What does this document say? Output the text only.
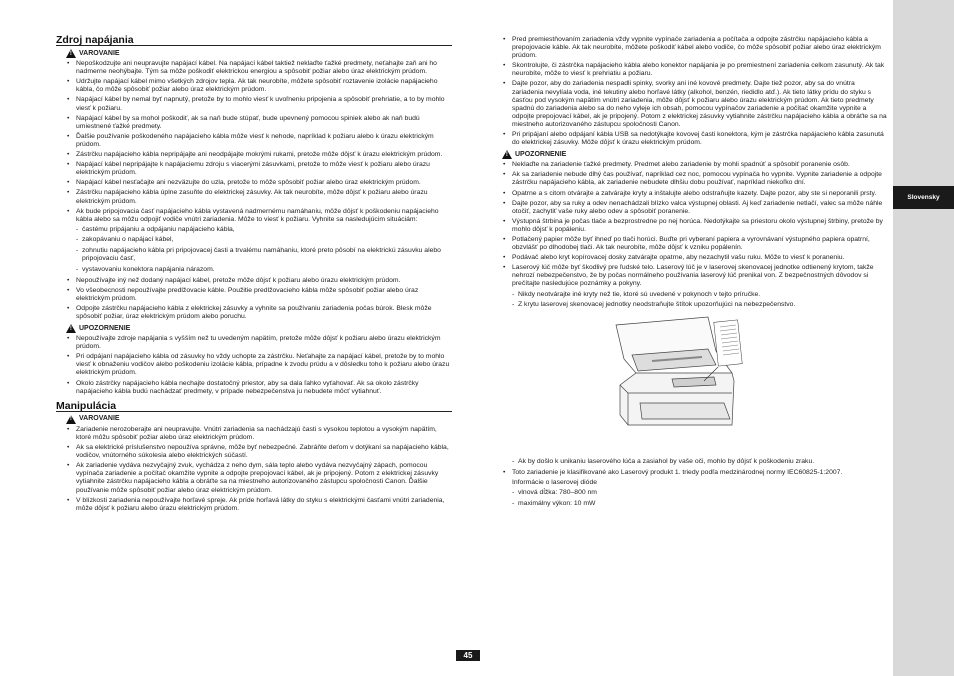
Slovensky
Zdroj napájania
!
VAROVANIE
• Nepoškodzujte ani neupravujte napájací kábel. Na napájací kábel taktiež neklaďte ťažké predmety, neťahajte zaň ani ho nadmerne neohýbajte. Tým sa môže poškodiť elektrickou energiou a spôsobiť požiar alebo úraz elektrickým prúdom.
• Udržujte napájací kábel mimo všetkých zdrojov tepla. Ak tak neurobíte, môžete spôsobiť roztavenie izolácie napájacieho kábla, čo môže spôsobiť požiar alebo úraz elektrickým prúdom.
• Napájací kábel by nemal byť napnutý, pretože by to mohlo viesť k uvoľneniu pripojenia a spôsobiť prehriatie, a to by mohlo viesť k požiaru.
• Napájací kábel by sa mohol poškodiť, ak sa naň bude stúpať, bude upevnený pomocou spiniek alebo ak naň budú umiestnené ťažké predmety.
• Ďalšie používanie poškodeného napájacieho kábla môže viesť k nehode, napríklad k požiaru alebo k úrazu elektrickým prúdom.
• Zástrčku napájacieho kábla nepripájajte ani neodpájajte mokrými rukami, pretože môže dôjsť k úrazu elektrickým prúdom.
• Napájací kábel nepripájajte k napájaciemu zdroju s viacerými zásuvkami, pretože to môže viesť k požiaru alebo úrazu elektrickým prúdom.
• Napájací kábel nesťačajte ani nezväzujte do uzla, pretože to môže spôsobiť požiar alebo úraz elektrickým prúdom.
• Zástrčku napájacieho kábla úplne zasuňte do elektrickej zásuvky. Ak tak neurobíte, môže dôjsť k požiaru alebo úrazu elektrickým prúdom.
• Ak bude pripojovacia časť napájacieho kábla vystavená nadmernému namáhaniu, môže dôjsť k poškodeniu napájacieho kábla alebo sa môžu odpojiť vodiče vnútri zariadenia. Môže to viesť k požiaru. Vyhnite sa nasledujúcim situáciám:
- častému pripájaniu a odpájaniu napájacieho kábla,
- zakopávaniu o napájací kábel,
- zohnutiu napájacieho kábla pri pripojovacej časti a trvalému namáhaniu, ktoré preto pôsobí na elektrickú zásuvku alebo pripojovaciu časť,
- vystavovaniu konektora napájania nárazom.
• Nepoužívajte iný než dodaný napájací kábel, pretože môže dôjsť k požiaru alebo úrazu elektrickým prúdom.
• Vo všeobecnosti nepoužívajte predlžovacie káble. Použitie predlžovacieho kábla môže spôsobiť požiar alebo úraz elektrickým prúdom.
• Odpojte zástrčku napájacieho kábla z elektrickej zásuvky a vyhnite sa používaniu zariadenia počas búrok. Blesk môže spôsobiť požiar, úraz elektrickým prúdom alebo poruchu.
!
UPOZORNENIE
• Nepoužívajte zdroje napájania s vyšším než tu uvedeným napätím, pretože môže dôjsť k požiaru alebo úrazu elektrickým prúdom.
• Pri odpájaní napájacieho kábla od zásuvky ho vždy uchopte za zástrčku. Neťahajte za napájací kábel, pretože by to mohlo viesť k obnaženiu vodičov alebo poškodeniu izolácie kábla, prípadne k zvodu prúdu a v dôsledku toho k požiaru alebo úrazu elektrickým prúdom.
• Okolo zástrčky napájacieho kábla nechajte dostatočný priestor, aby sa dala ľahko vyťahovať. Ak sa okolo zástrčky napájacieho kábla budú nachádzať predmety, v prípade nebezpečenstva ju nebudete môcť vytiahnuť.
Manipulácia
!
VAROVANIE
• Zariadenie nerozoberajte ani neupravujte. Vnútri zariadenia sa nachádzajú časti s vysokou teplotou a vysokým napätím, ktoré môžu spôsobiť požiar alebo úraz elektrickým prúdom.
• Ak sa elektrické príslušenstvo nepoužíva správne, môže byť nebezpečné. Zabráňte deťom v dotýkaní sa napájacieho kábla, vodičov, vnútorného súkolesia alebo elektrických súčastí.
• Ak zariadenie vydáva nezvyčajný zvuk, vychádza z neho dym, sála teplo alebo vydáva nezvyčajný zápach, pomocou vypínača zariadenie a počítač okamžite vypnite a odpojte prepojovací kábel, ak je pripojený. Potom z elektrickej zásuvky vytiahnite zástrčku napájacieho kábla a obráťte sa na miestneho autorizovaného zástupcu spoločnosti Canon. Ďalšie používanie môže spôsobiť požiar alebo úraz elektrickým prúdom.
• V blízkosti zariadenia nepoužívajte horľavé spreje. Ak príde horľavá látky do styku s elektrickými časťami vnútri zariadenia, môže dôjsť k požiaru alebo úrazu elektrickým prúdom.
• Pred premiestňovaním zariadenia vždy vypnite vypínače zariadenia a počítača a odpojte zástrčku napájacieho kábla a prepojovacie káble. Ak tak neurobíte, môžete poškodiť kábel alebo vodiče, čo môže spôsobiť požiar alebo úraz elektrickým prúdom.
• Skontrolujte, či zástrčka napájacieho kábla alebo konektor napájania je po premiestnení zariadenia celkom zasunutý. Ak tak neurobíte, môže to viesť k prehriatiu a požiaru.
• Dajte pozor, aby do zariadenia nespadli spinky, svorky ani iné kovové predmety. Dajte tiež pozor, aby sa do vnútra zariadenia nevylíala voda, iné tekutiny alebo horľavé látky (alkohol, benzén, riedidlo atď.). Ak tieto látky prídu do styku s časťou pod vysokým napätím vnútri zariadenia, môže dôjsť k požiaru alebo úrazu elektrickým prúdom. Ak tieto predmety spadnú do zariadenia alebo sa do neho vyleje ich obsah, pomocou vypínačov zariadenie a počítač okamžite vypnite a odpojte prepojovací kábel, ak je pripojený. Potom z elektrickej zásuvky vytiahnite zástrčku napájacieho kábla a obráťte sa na miestneho autorizovaného zástupcu spoločnosti Canon.
• Pri pripájaní alebo odpájaní kábla USB sa nedotýkajte kovovej časti konektora, kým je zástrčka napájacieho kábla zasunutá do elektrickej zásuvky. Môže dôjsť k úrazu elektrickým prúdom.
!
UPOZORNENIE
• Neklaďte na zariadenie ťažké predmety. Predmet alebo zariadenie by mohli spadnúť a spôsobiť poranenie osôb.
• Ak sa zariadenie nebude dlhý čas používať, napríklad cez noc, pomocou vypínača ho vypnite. Vypnite zariadenie a odpojte zástrčku napájacieho kábla, ak zariadenie nebudete dlhšiu dobu používať, napríklad niekoľko dní.
• Opatrne a s citom otvárajte a zatvárajte kryty a inštalujte alebo odstraňujte kazety. Dajte pozor, aby ste si neporanili prsty.
• Dajte pozor, aby sa ruky a odev nenachádzali blízko valca výstupnej oblasti. Aj keď zariadenie netlačí, valec sa môže náhle otočiť, zachytiť vaše ruky alebo odev a spôsobiť poranenie.
• Výstupná štrbina je počas tlače a bezprostredne po nej horúca. Nedotýkajte sa priestoru okolo výstupnej štrbiny, pretože by mohlo dôjsť k popáleniu.
• Potlačený papier môže byť ihneď po tlači horúci. Buďte pri vyberaní papiera a vyrovnávaní výstupného papiera opatrní, obzvlášť po dlhodobej tlači. Ak tak neurobíte, môže dôjsť k vzniku popálenín.
• Podávač alebo kryt kopírovacej dosky zatvárajte opatrne, aby nezachytil vašu ruku. Môže to viesť k poraneniu.
• Laserový lúč môže byť škodlivý pre ľudské telo. Laserový lúč je v laserovej skenovacej jednotke odtienený krytom, takže nehrozí nebezpečenstvo, že by počas normálneho používania laserový lúč prenikal von. Z bezpečnostných dôvodov si prečítajte nasledujúce poznámky a pokyny.
- Nikdy neotvárajte iné kryty než tie, ktoré sú uvedené v pokynoch v tejto príručke.
- Z krytu laserovej skenovacej jednotky neodstraňujte štítok upozorňujúci na nebezpečenstvo.
- Ak by došlo k unikaniu laserového lúča a zasiahol by vaše oči, mohlo by dôjsť k poškodeniu zraku.
• Toto zariadenie je klasifikované ako Laserový produkt 1. triedy podľa medzinárodnej normy IEC60825-1:2007.
Informácie o laserovej dióde
- vlnová dĺžka: 780–800 nm
- maximálny výkon: 10 mW
45
